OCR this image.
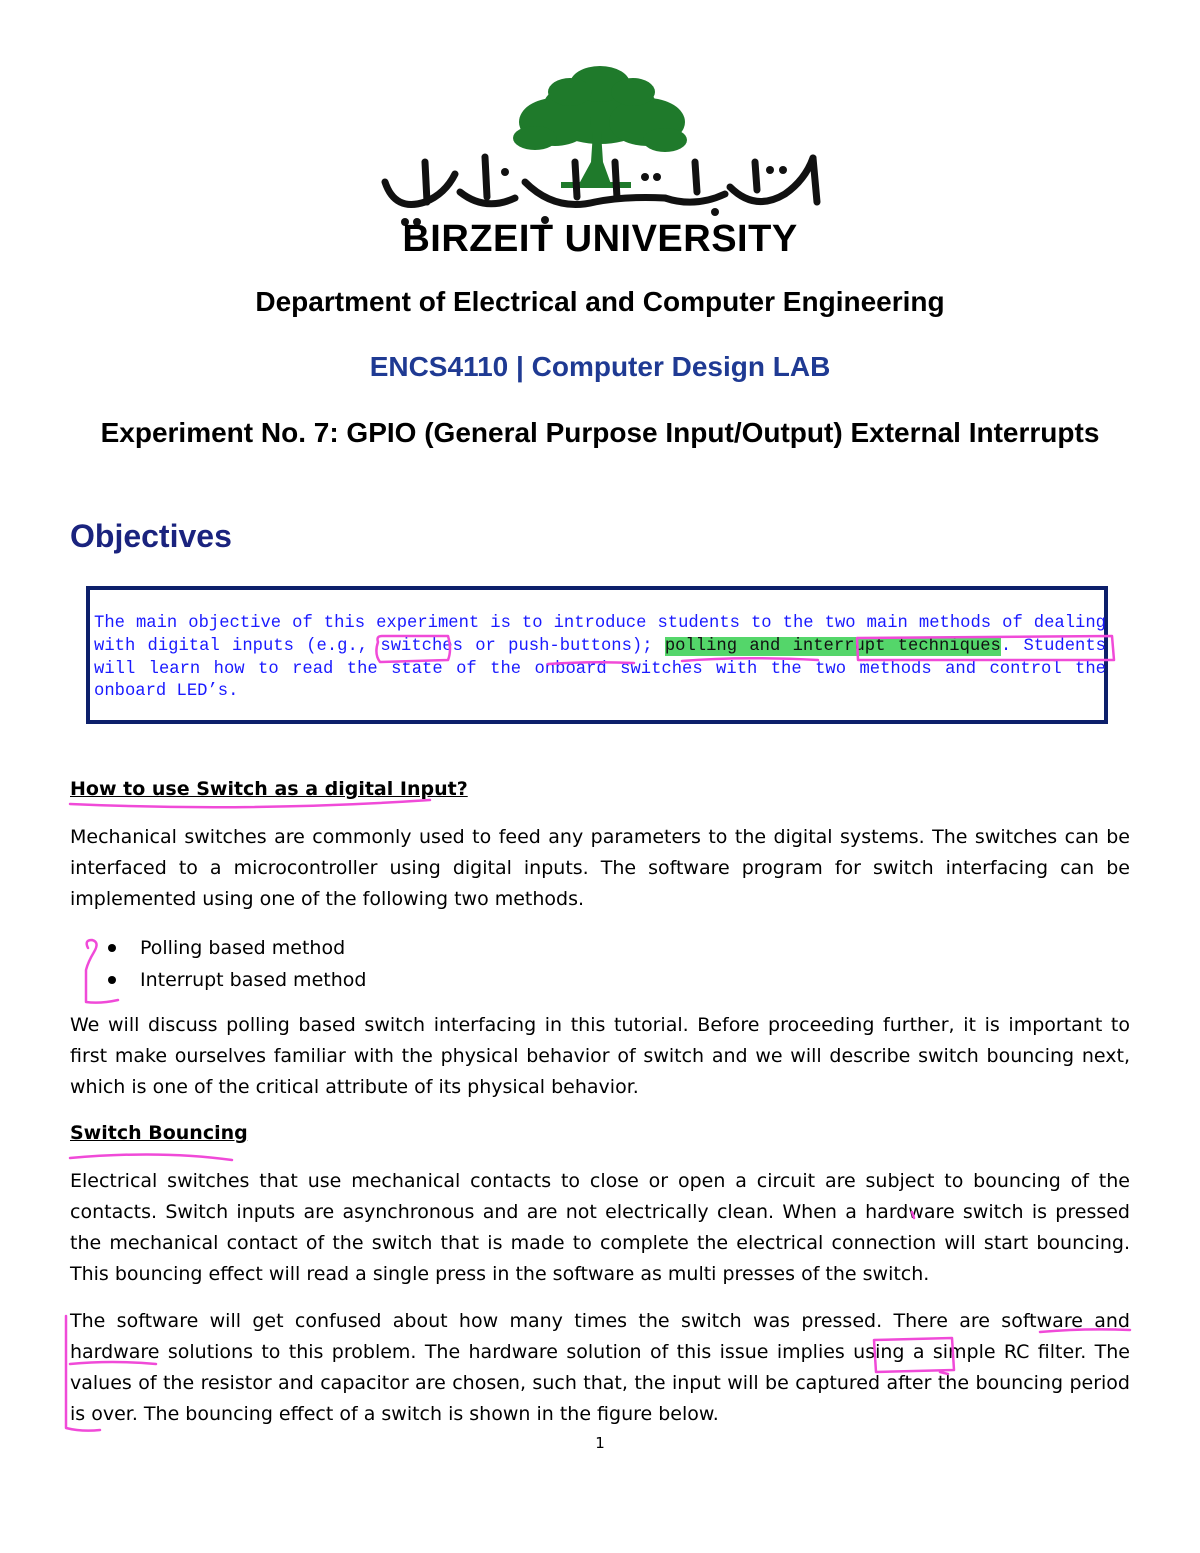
BIRZEIT UNIVERSITY
Department of Electrical and Computer Engineering
ENCS4110 | Computer Design LAB
Experiment No. 7: GPIO (General Purpose Input/Output) External Interrupts
Objectives

The main objective of this experiment is to introduce students to the two main methods of dealing with digital inputs (e.g., switches or push-buttons); polling and interrupt techniques. Students will learn how to read the state of the onboard switches with the two methods and control the onboard LED’s.

How to use Switch as a digital Input?

Mechanical switches are commonly used to feed any parameters to the digital systems. The switches can be interfaced to a microcontroller using digital inputs. The software program for switch interfacing can be implemented using one of the following two methods.

Polling based method
Interrupt based method

We will discuss polling based switch interfacing in this tutorial. Before proceeding further, it is important to first make ourselves familiar with the physical behavior of switch and we will describe switch bouncing next, which is one of the critical attribute of its physical behavior.

Switch Bouncing

Electrical switches that use mechanical contacts to close or open a circuit are subject to bouncing of the contacts. Switch inputs are asynchronous and are not electrically clean. When a hardware switch is pressed the mechanical contact of the switch that is made to complete the electrical connection will start bouncing. This bouncing effect will read a single press in the software as multi presses of the switch.

The software will get confused about how many times the switch was pressed. There are software and hardware solutions to this problem. The hardware solution of this issue implies using a simple RC filter. The values of the resistor and capacitor are chosen, such that, the input will be captured after the bouncing period is over. The bouncing effect of a switch is shown in the figure below.

1
